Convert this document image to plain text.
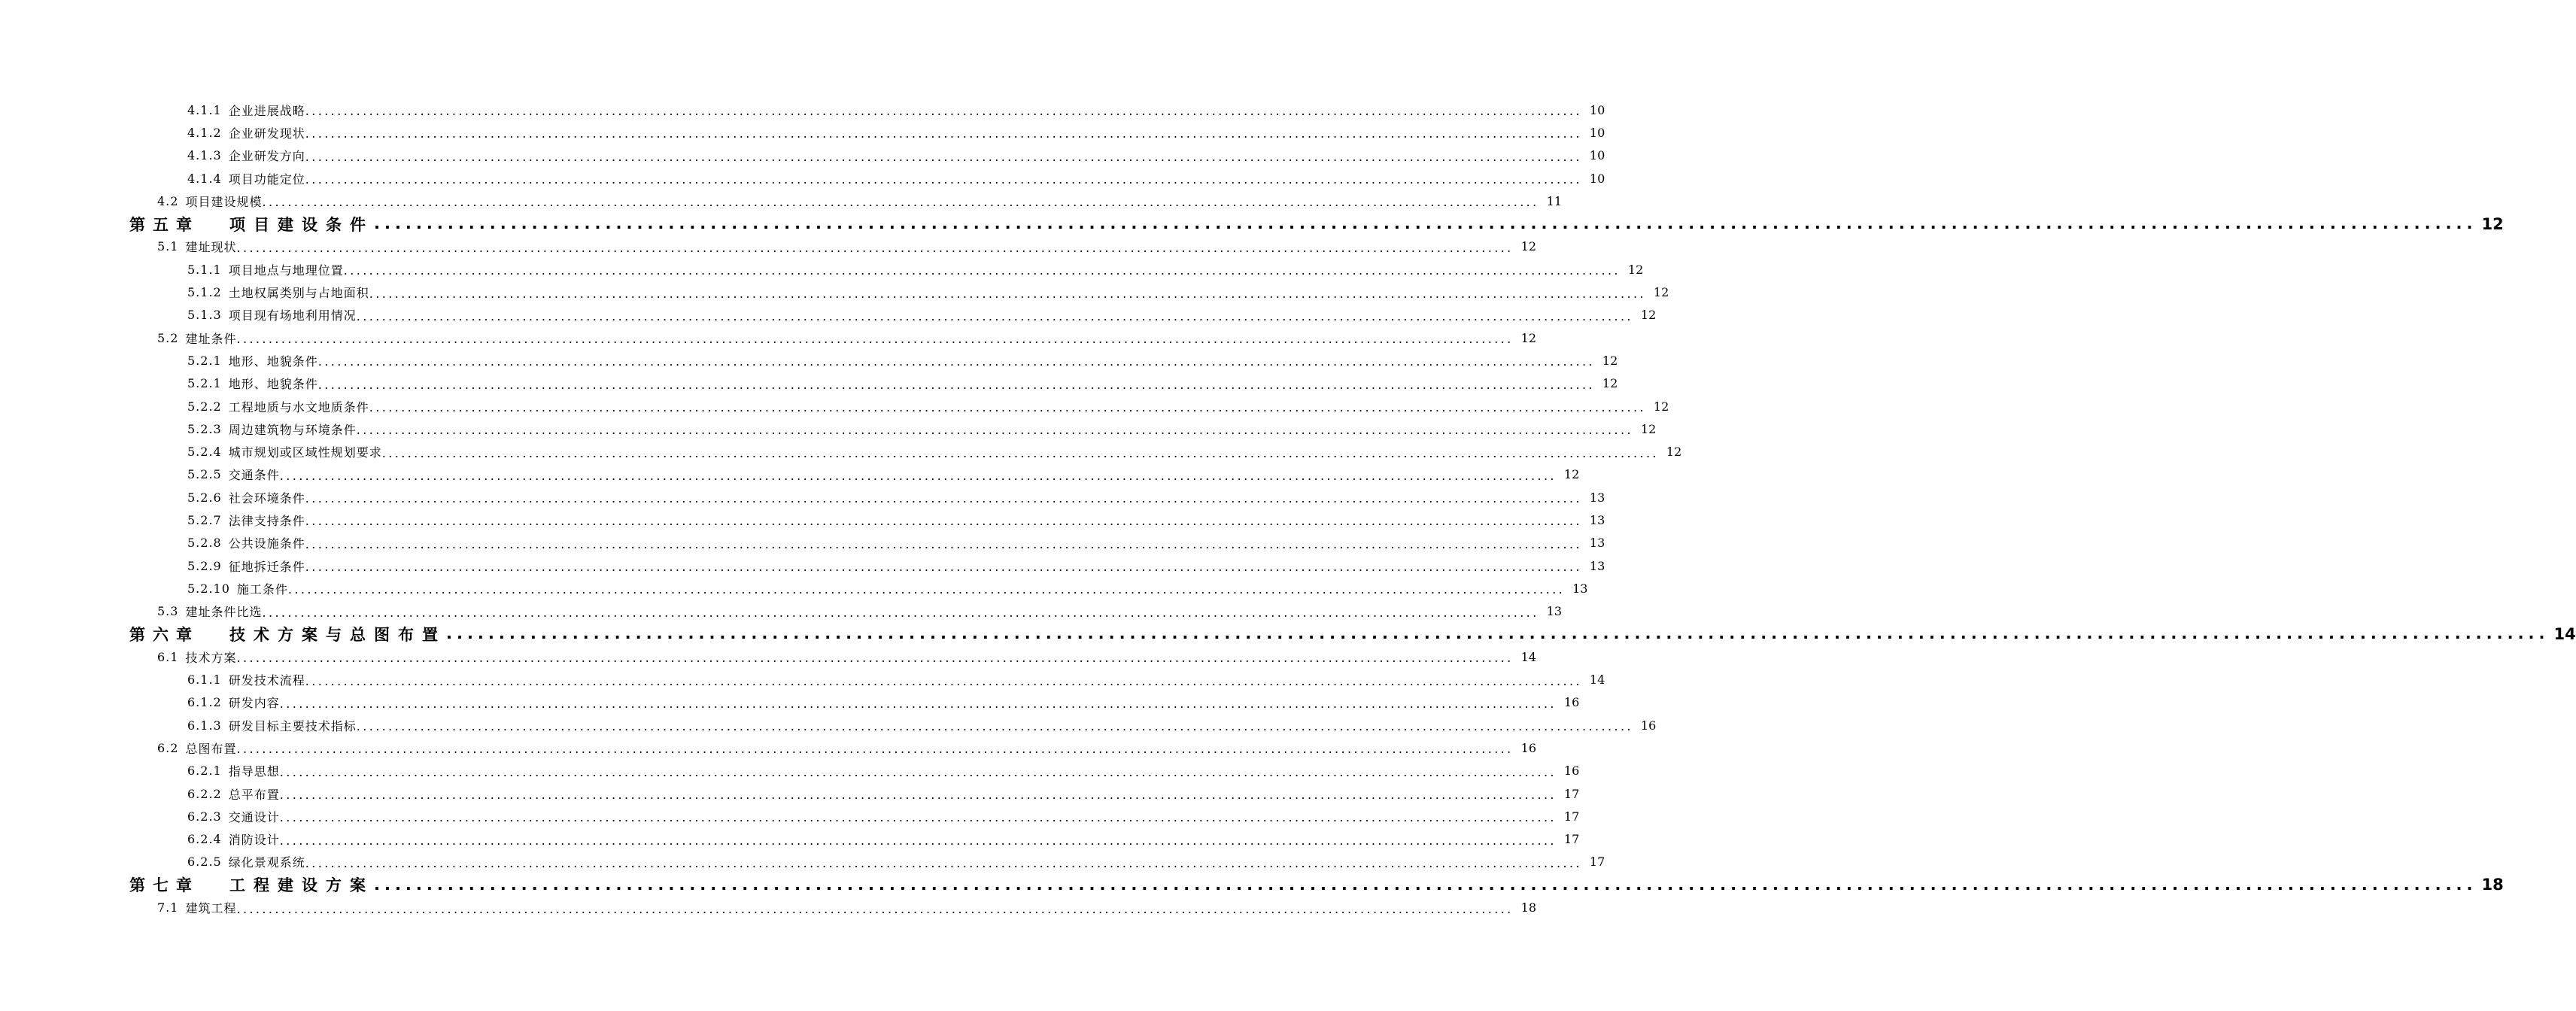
4.1.1 企业进展战略 ........................................................................................................................................................................................................ 10
4.1.2 企业研发现状 ........................................................................................................................................................................................................ 10
4.1.3 企业研发方向 ........................................................................................................................................................................................................ 10
4.1.4 项目功能定位 ........................................................................................................................................................................................................ 10
4.2 项目建设规模 ........................................................................................................................................................................................................ 11
第五章 项目建设条件 ........................................................................................................................................................................................................ 12
5.1 建址现状 ........................................................................................................................................................................................................ 12
5.1.1 项目地点与地理位置 ........................................................................................................................................................................................................ 12
5.1.2 土地权属类别与占地面积 ........................................................................................................................................................................................................ 12
5.1.3 项目现有场地利用情况 ........................................................................................................................................................................................................ 12
5.2 建址条件 ........................................................................................................................................................................................................ 12
5.2.1 地形、地貌条件 ........................................................................................................................................................................................................ 12
5.2.1 地形、地貌条件 ........................................................................................................................................................................................................ 12
5.2.2 工程地质与水文地质条件 ........................................................................................................................................................................................................ 12
5.2.3 周边建筑物与环境条件 ........................................................................................................................................................................................................ 12
5.2.4 城市规划或区域性规划要求 ........................................................................................................................................................................................................ 12
5.2.5 交通条件 ........................................................................................................................................................................................................ 12
5.2.6 社会环境条件 ........................................................................................................................................................................................................ 13
5.2.7 法律支持条件 ........................................................................................................................................................................................................ 13
5.2.8 公共设施条件 ........................................................................................................................................................................................................ 13
5.2.9 征地拆迁条件 ........................................................................................................................................................................................................ 13
5.2.10 施工条件 ........................................................................................................................................................................................................ 13
5.3 建址条件比选 ........................................................................................................................................................................................................ 13
第六章 技术方案与总图布置 ........................................................................................................................................................................................................ 14
6.1 技术方案 ........................................................................................................................................................................................................ 14
6.1.1 研发技术流程 ........................................................................................................................................................................................................ 14
6.1.2 研发内容 ........................................................................................................................................................................................................ 16
6.1.3 研发目标主要技术指标 ........................................................................................................................................................................................................ 16
6.2 总图布置 ........................................................................................................................................................................................................ 16
6.2.1 指导思想 ........................................................................................................................................................................................................ 16
6.2.2 总平布置 ........................................................................................................................................................................................................ 17
6.2.3 交通设计 ........................................................................................................................................................................................................ 17
6.2.4 消防设计 ........................................................................................................................................................................................................ 17
6.2.5 绿化景观系统 ........................................................................................................................................................................................................ 17
第七章 工程建设方案 ........................................................................................................................................................................................................ 18
7.1 建筑工程 ........................................................................................................................................................................................................ 18
